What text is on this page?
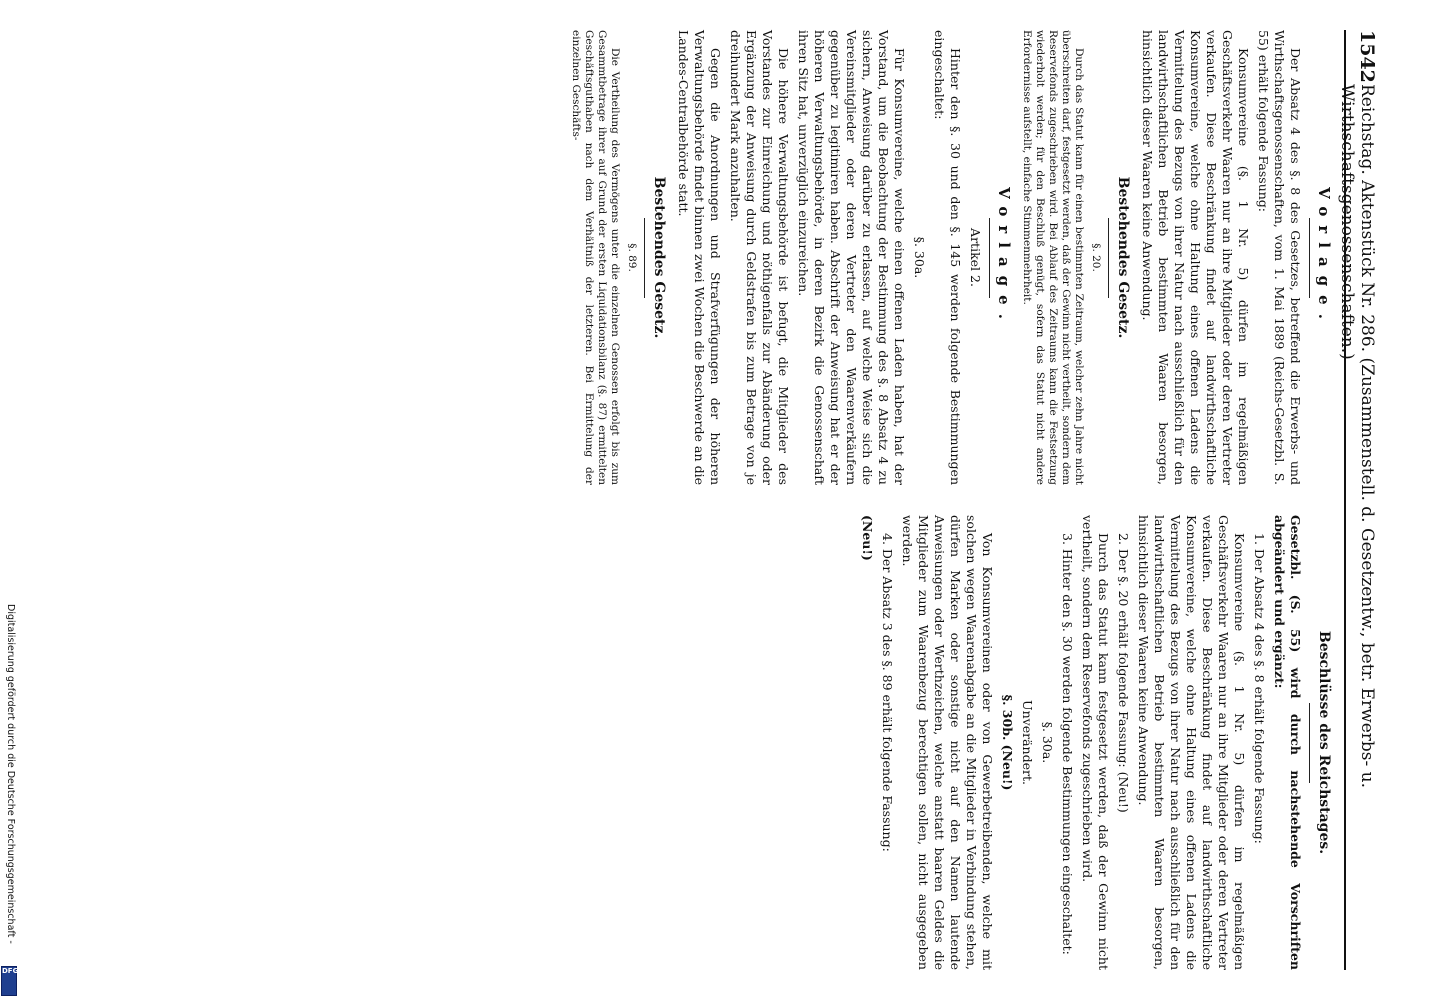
1542
Reichstag. Aktenstück Nr. 286. (Zusammenstell. d. Gesetzentw., betr. Erwerbs- u. Wirthschaftsgenossenschaften.)
Vorlage.

Der Absatz 4 des §. 8 des Gesetzes, betreffend die Erwerbs- und Wirthschaftsgenossenschaften, vom 1. Mai 1889 (Reichs-Gesetzbl. S. 55) erhält folgende Fassung:

Konsumvereine (§. 1 Nr. 5) dürfen im regelmäßigen Geschäftsverkehr Waaren nur an ihre Mitglieder oder deren Vertreter verkaufen. Diese Beschränkung findet auf landwirthschaftliche Konsumvereine, welche ohne Haltung eines offenen Ladens die Vermittelung des Bezugs von ihrer Natur nach ausschließlich für den landwirthschaftlichen Betrieb bestimmten Waaren besorgen, hinsichtlich dieser Waaren keine Anwendung.

Bestehendes Gesetz.

§. 20.

Durch das Statut kann für einen bestimmten Zeitraum, welcher zehn Jahre nicht überschreiten darf, festgesetzt werden, daß der Gewinn nicht vertheilt, sondern dem Reservefonds zugeschrieben wird. Bei Ablauf des Zeitraums kann die Festsetzung wiederholt werden; für den Beschluß genügt, sofern das Statut nicht andere Erfordernisse aufstellt, einfache Stimmenmehrheit.

Vorlage.

Artikel 2.

Hinter den §. 30 und den §. 145 werden folgende Bestimmungen eingeschaltet:

§. 30a.

Für Konsumvereine, welche einen offenen Laden haben, hat der Vorstand, um die Beobachtung der Bestimmung des §. 8 Absatz 4 zu sichern, Anweisung darüber zu erlassen, auf welche Weise sich die Vereinsmitglieder oder deren Vertreter den Waarenverkäufern gegenüber zu legitimiren haben. Abschrift der Anweisung hat er der höheren Verwaltungsbehörde, in deren Bezirk die Genossenschaft ihren Sitz hat, unverzüglich einzureichen.

Die höhere Verwaltungsbehörde ist befugt, die Mitglieder des Vorstandes zur Einreichung und nöthigenfalls zur Abänderung oder Ergänzung der Anweisung durch Geldstrafen bis zum Betrage von je dreihundert Mark anzuhalten.

Gegen die Anordnungen und Strafverfügungen der höheren Verwaltungsbehörde findet binnen zwei Wochen die Beschwerde an die Landes-Centralbehörde statt.

Bestehendes Gesetz.

§. 89.

Die Vertheilung des Vermögens unter die einzelnen Genossen erfolgt bis zum Gesammtbetrage ihrer auf Grund der ersten Liquidationsbilanz (§. 87) ermittelten Geschäftsguthaben nach dem Verhältniß der letzteren. Bei Ermittelung der einzelnen Geschäfts-

Beschlüsse des Reichstages.

Gesetzbl. (S. 55) wird durch nachstehende Vorschriften abgeändert und ergänzt:

1. Der Absatz 4 des §. 8 erhält folgende Fassung:

Konsumvereine (§. 1 Nr. 5) dürfen im regelmäßigen Geschäftsverkehr Waaren nur an ihre Mitglieder oder deren Vertreter verkaufen. Diese Beschränkung findet auf landwirthschaftliche Konsumvereine, welche ohne Haltung eines offenen Ladens die Vermittelung des Bezugs von ihrer Natur nach ausschließlich für den landwirthschaftlichen Betrieb bestimmten Waaren besorgen, hinsichtlich dieser Waaren keine Anwendung.

2. Der §. 20 erhält folgende Fassung: (Neu!)

Durch das Statut kann festgesetzt werden, daß der Gewinn nicht vertheilt, sondern dem Reservefonds zugeschrieben wird.

3. Hinter den §. 30 werden folgende Bestimmungen eingeschaltet:

§. 30a.

Unverändert.

§. 30b. (Neu!)

Von Konsumvereinen oder von Gewerbetreibenden, welche mit solchen wegen Waarenabgabe an die Mitglieder in Verbindung stehen, dürfen Marken oder sonstige nicht auf den Namen lautende Anweisungen oder Werthzeichen, welche anstatt baaren Geldes die Mitglieder zum Waarenbezug berechtigen sollen, nicht ausgegeben werden.

4. Der Absatz 3 des §. 89 erhält folgende Fassung:

(Neu!)

Digitalisierung gefördert durch die Deutsche Forschungsgemeinschaft -
DFG
